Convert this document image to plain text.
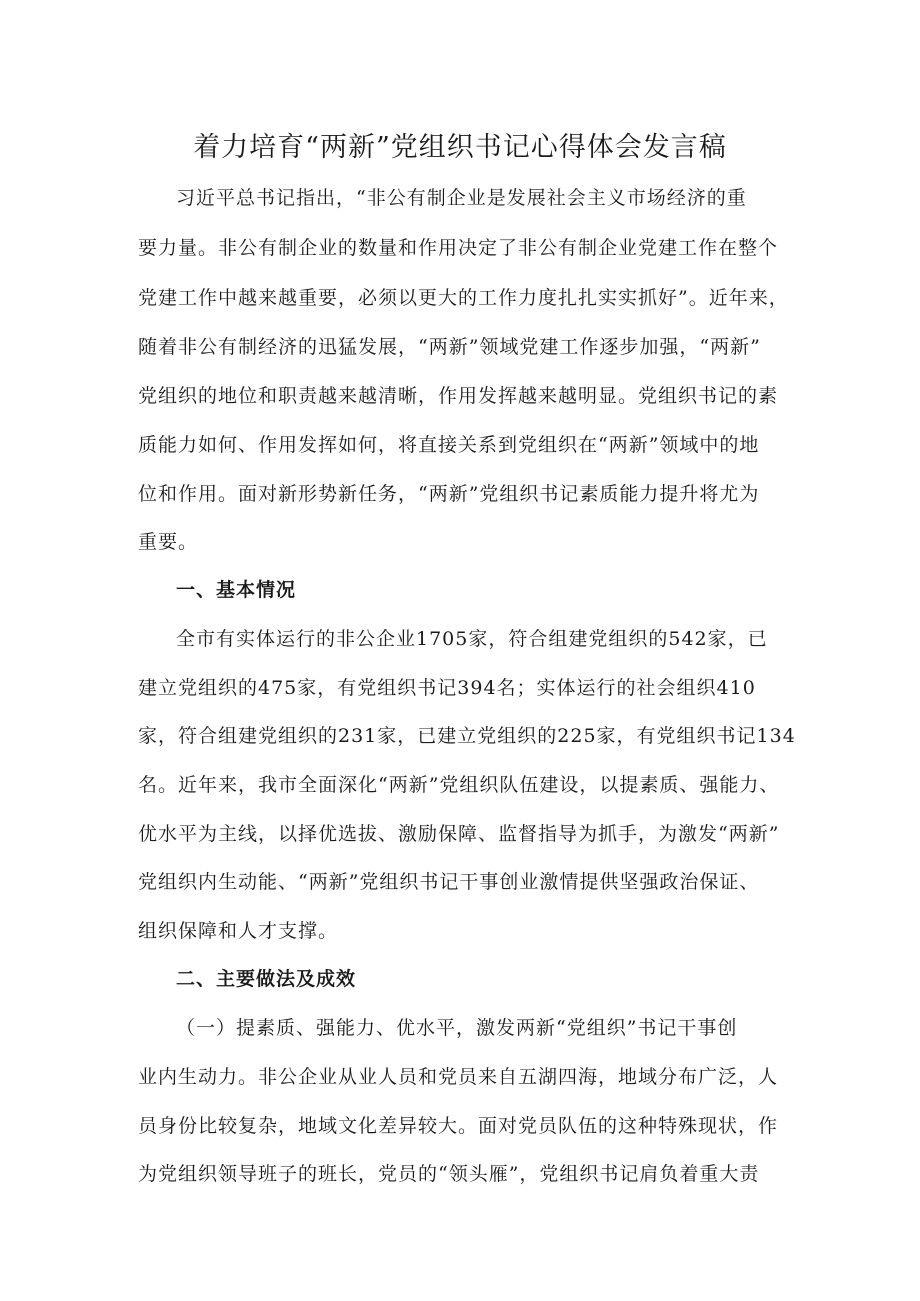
着力培育“两新”党组织书记心得体会发言稿
习近平总书记指出，“非公有制企业是发展社会主义市场经济的重
要力量。非公有制企业的数量和作用决定了非公有制企业党建工作在整个
党建工作中越来越重要，必须以更大的工作力度扎扎实实抓好”。近年来，
随着非公有制经济的迅猛发展，“两新”领域党建工作逐步加强，“两新”
党组织的地位和职责越来越清晰，作用发挥越来越明显。党组织书记的素
质能力如何、作用发挥如何，将直接关系到党组织在“两新”领域中的地
位和作用。面对新形势新任务，“两新”党组织书记素质能力提升将尤为
重要。
一、基本情况
全市有实体运行的非公企业1705家，符合组建党组织的542家，已
建立党组织的475家，有党组织书记394名；实体运行的社会组织410
家，符合组建党组织的231家，已建立党组织的225家，有党组织书记134
名。近年来，我市全面深化“两新”党组织队伍建设，以提素质、强能力、
优水平为主线，以择优选拔、激励保障、监督指导为抓手，为激发“两新”
党组织内生动能、“两新”党组织书记干事创业激情提供坚强政治保证、
组织保障和人才支撑。
二、主要做法及成效
（一）提素质、强能力、优水平，激发两新“党组织”书记干事创
业内生动力。非公企业从业人员和党员来自五湖四海，地域分布广泛，人
员身份比较复杂，地域文化差异较大。面对党员队伍的这种特殊现状，作
为党组织领导班子的班长，党员的“领头雁”，党组织书记肩负着重大责
